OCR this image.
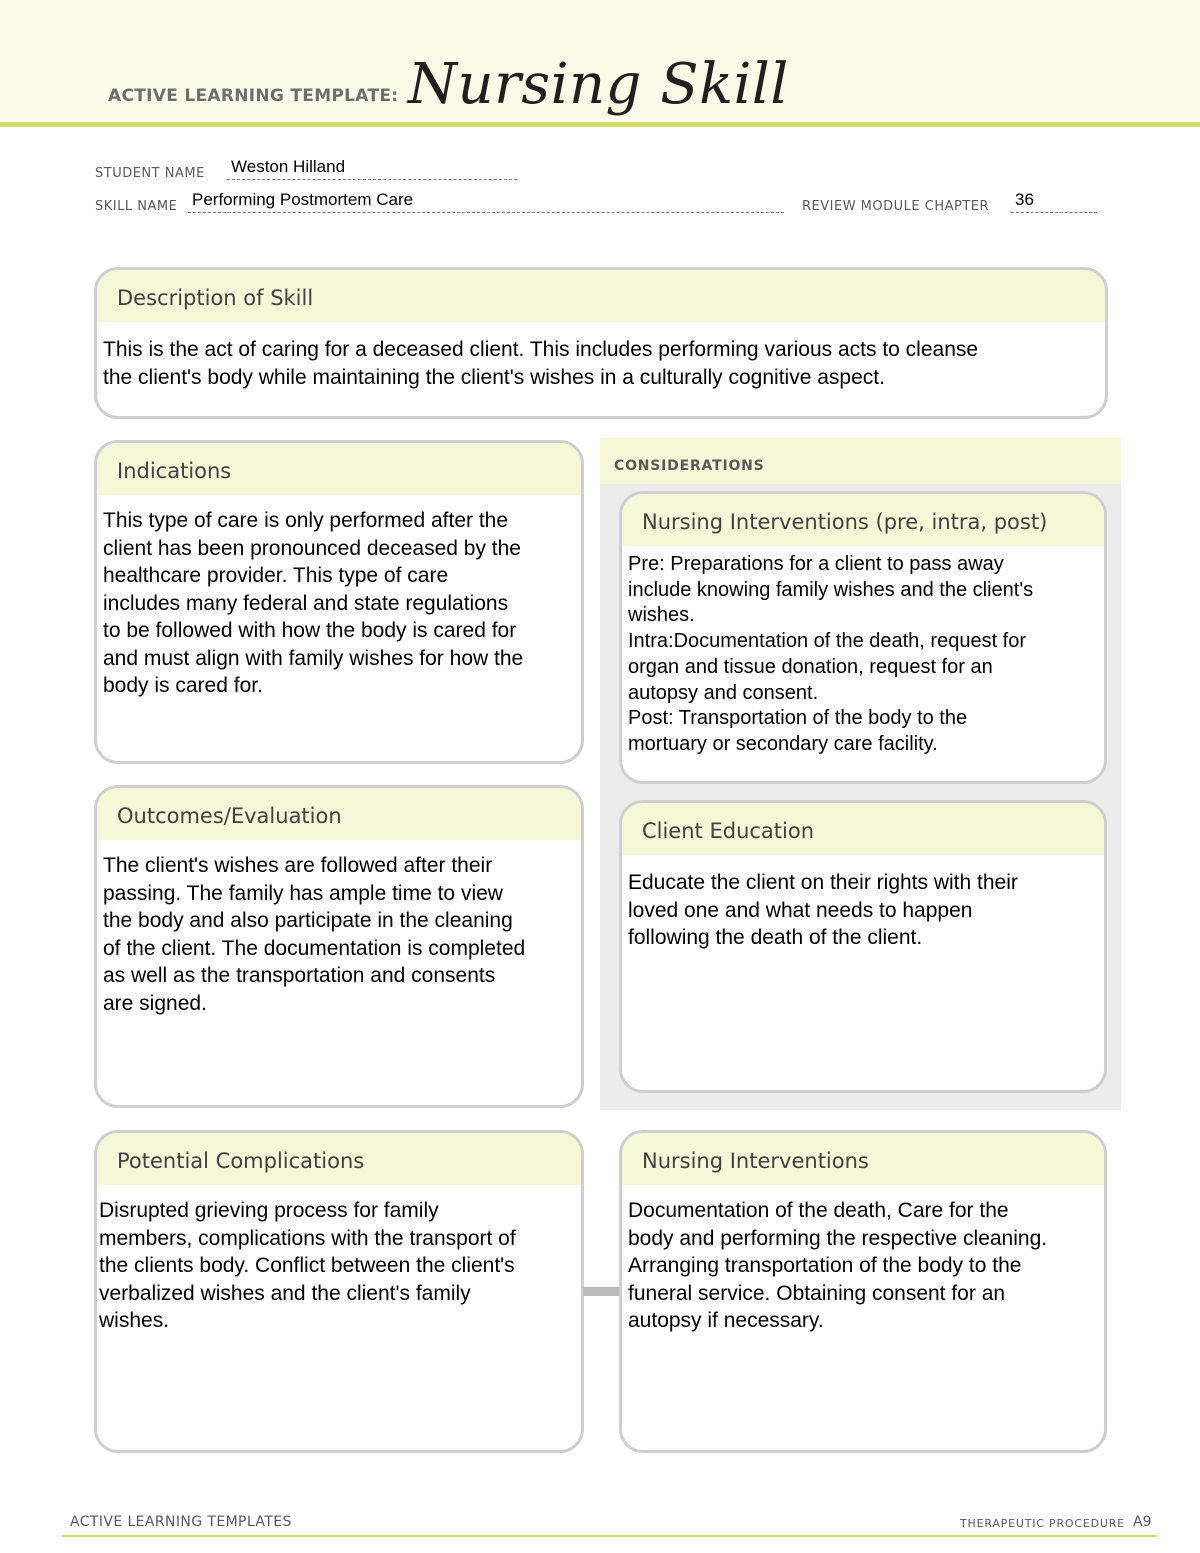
ACTIVE LEARNING TEMPLATE: Nursing Skill
STUDENT NAME Weston Hilland
SKILL NAME Performing Postmortem Care	REVIEW MODULE CHAPTER 36
Description of Skill
This is the act of caring for a deceased client. This includes performing various acts to cleanse
the client's body while maintaining the client's wishes in a culturally cognitive aspect.
CONSIDERATIONS
Indications
This type of care is only performed after the
client has been pronounced deceased by the
healthcare provider. This type of care
includes many federal and state regulations
to be followed with how the body is cared for
and must align with family wishes for how the
body is cared for.
Nursing Interventions (pre, intra, post)
Pre: Preparations for a client to pass away
include knowing family wishes and the client's
wishes.
Intra:Documentation of the death, request for
organ and tissue donation, request for an
autopsy and consent.
Post: Transportation of the body to the
mortuary or secondary care facility.
Outcomes/Evaluation
The client's wishes are followed after their
passing. The family has ample time to view
the body and also participate in the cleaning
of the client. The documentation is completed
as well as the transportation and consents
are signed.
Client Education
Educate the client on their rights with their
loved one and what needs to happen
following the death of the client.
Potential Complications
Disrupted grieving process for family
members, complications with the transport of
the clients body. Conflict between the client's
verbalized wishes and the client's family
wishes.
Nursing Interventions
Documentation of the death, Care for the
body and performing the respective cleaning.
Arranging transportation of the body to the
funeral service. Obtaining consent for an
autopsy if necessary.
ACTIVE LEARNING TEMPLATES	THERAPEUTIC PROCEDURE A9
